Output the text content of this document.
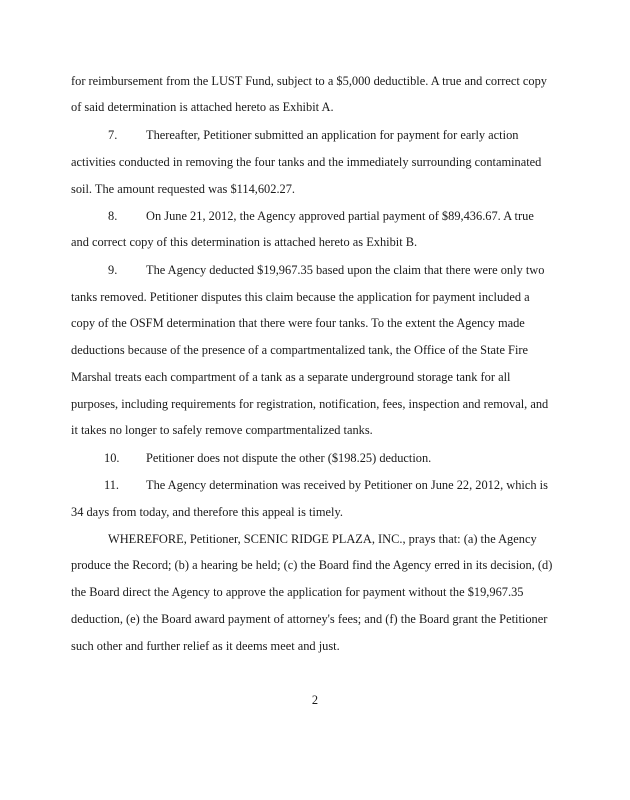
for reimbursement from the LUST Fund, subject to a $5,000 deductible. A true and correct copy
of said determination is attached hereto as Exhibit A.
7. Thereafter, Petitioner submitted an application for payment for early action
activities conducted in removing the four tanks and the immediately surrounding contaminated
soil. The amount requested was $114,602.27.
8. On June 21, 2012, the Agency approved partial payment of $89,436.67. A true
and correct copy of this determination is attached hereto as Exhibit B.
9. The Agency deducted $19,967.35 based upon the claim that there were only two
tanks removed. Petitioner disputes this claim because the application for payment included a
copy of the OSFM determination that there were four tanks. To the extent the Agency made
deductions because of the presence of a compartmentalized tank, the Office of the State Fire
Marshal treats each compartment of a tank as a separate underground storage tank for all
purposes, including requirements for registration, notification, fees, inspection and removal, and
it takes no longer to safely remove compartmentalized tanks.
10. Petitioner does not dispute the other ($198.25) deduction.
11. The Agency determination was received by Petitioner on June 22, 2012, which is
34 days from today, and therefore this appeal is timely.
WHEREFORE, Petitioner, SCENIC RIDGE PLAZA, INC., prays that: (a) the Agency
produce the Record; (b) a hearing be held; (c) the Board find the Agency erred in its decision, (d)
the Board direct the Agency to approve the application for payment without the $19,967.35
deduction, (e) the Board award payment of attorney's fees; and (f) the Board grant the Petitioner
such other and further relief as it deems meet and just.
2
